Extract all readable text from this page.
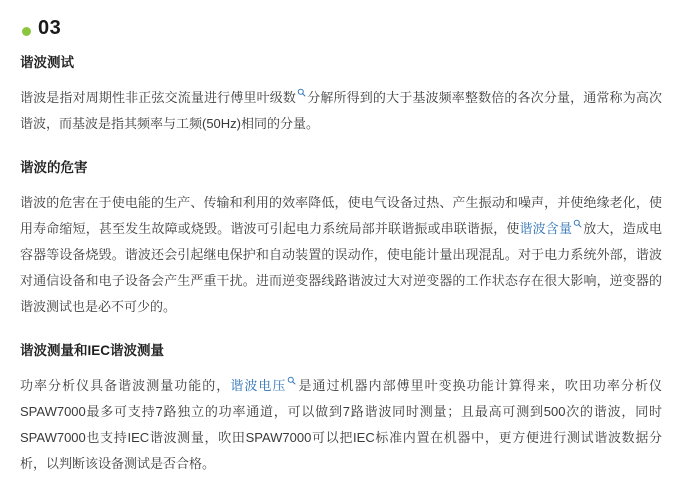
03
谐波测试

谐波是指对周期性非正弦交流量进行傅里叶级数 分解所得到的大于基波频率整数倍的各次分量，通常称为高次谐波，而基波是指其频率与工频(50Hz)相同的分量。

谐波的危害

谐波的危害在于使电能的生产、传输和利用的效率降低，使电气设备过热、产生振动和噪声，并使绝缘老化，使用寿命缩短，甚至发生故障或烧毁。谐波可引起电力系统局部并联谐振或串联谐振，使谐波含量 放大，造成电容器等设备烧毁。谐波还会引起继电保护和自动装置的误动作，使电能计量出现混乱。对于电力系统外部，谐波对通信设备和电子设备会产生严重干扰。进而逆变器线路谐波过大对逆变器的工作状态存在很大影响，逆变器的谐波测试也是必不可少的。

谐波测量和IEC谐波测量

功率分析仪具备谐波测量功能的，谐波电压 是通过机器内部傅里叶变换功能计算得来，吹田功率分析仪SPAW7000最多可支持7路独立的功率通道，可以做到7路谐波同时测量；且最高可测到500次的谐波，同时SPAW7000也支持IEC谐波测量，吹田SPAW7000可以把IEC标准内置在机器中，更方便进行测试谐波数据分析，以判断该设备测试是否合格。
